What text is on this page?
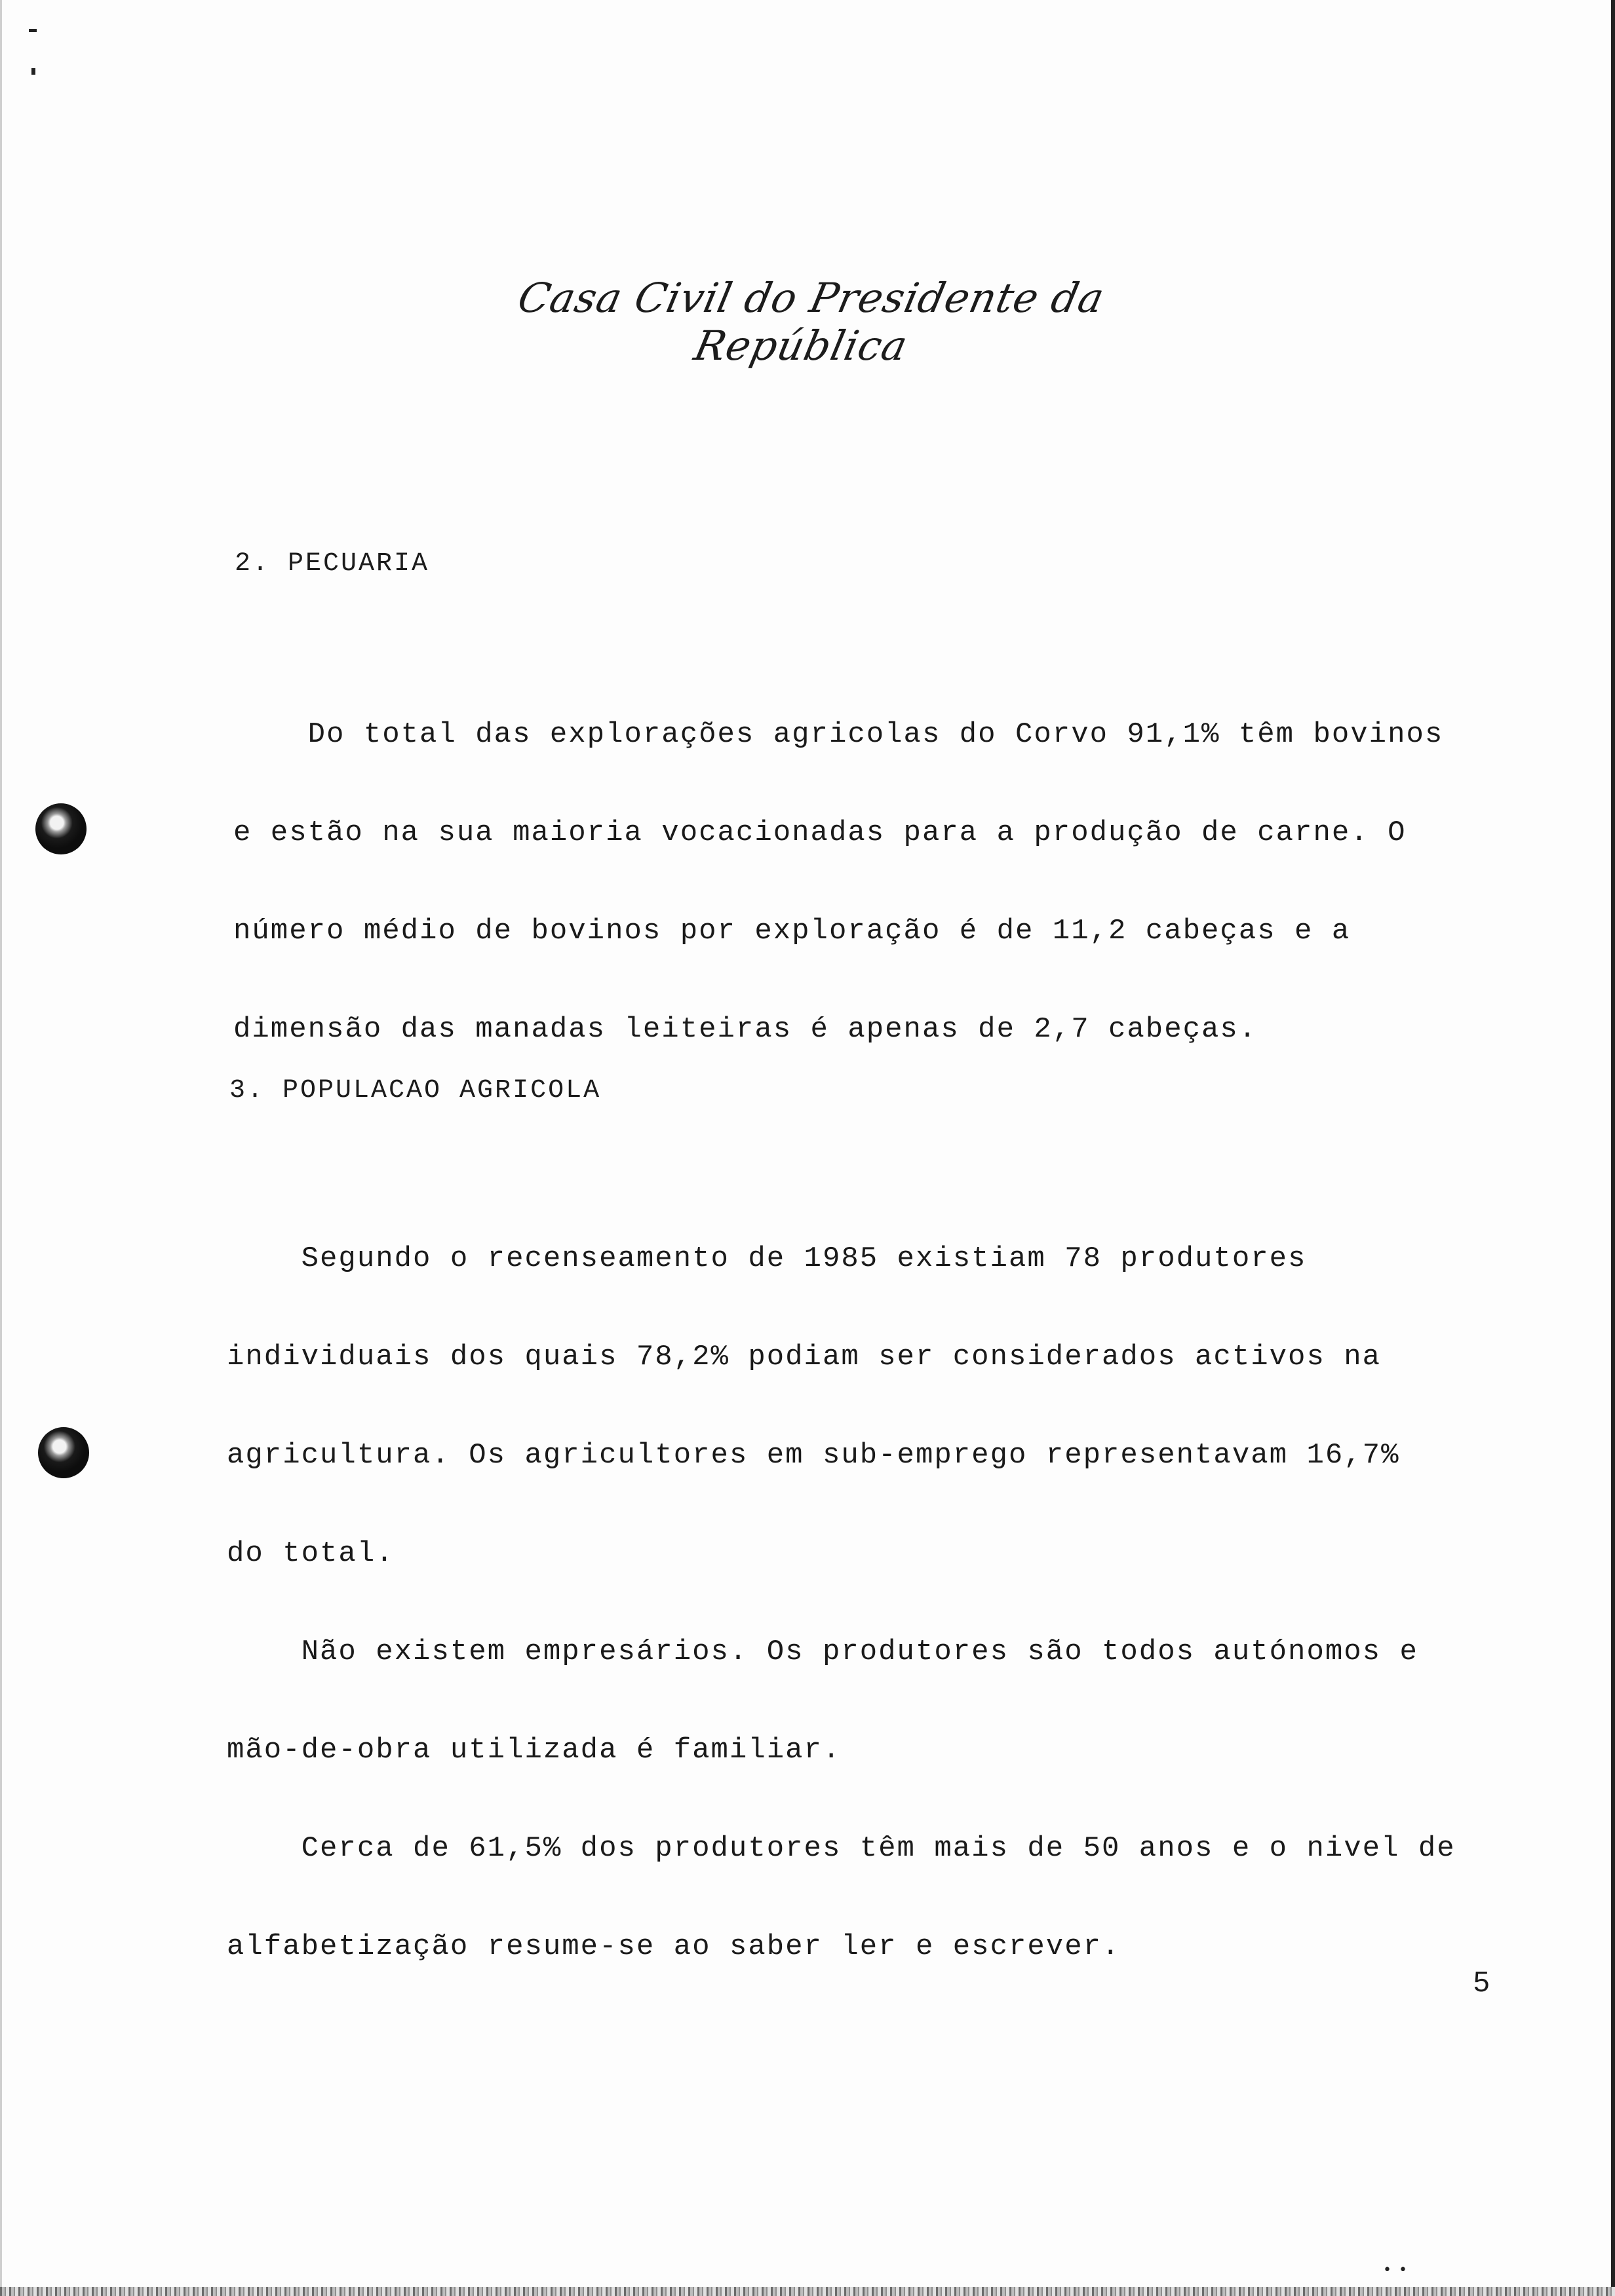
Casa Civil do Presidente da República
2. PECUARIA

Do total das explorações agricolas do Corvo 91,1% têm bovinos

e estão na sua maioria vocacionadas para a produção de carne. O

número médio de bovinos por exploração é de 11,2 cabeças e a

dimensão das manadas leiteiras é apenas de 2,7 cabeças.

3. POPULACAO AGRICOLA

Segundo o recenseamento de 1985 existiam 78 produtores

individuais dos quais 78,2% podiam ser considerados activos na

agricultura. Os agricultores em sub-emprego representavam 16,7%

do total.

Não existem empresários. Os produtores são todos autónomos e

mão-de-obra utilizada é familiar.

Cerca de 61,5% dos produtores têm mais de 50 anos e o nivel de

alfabetização resume-se ao saber ler e escrever.

5
• •
